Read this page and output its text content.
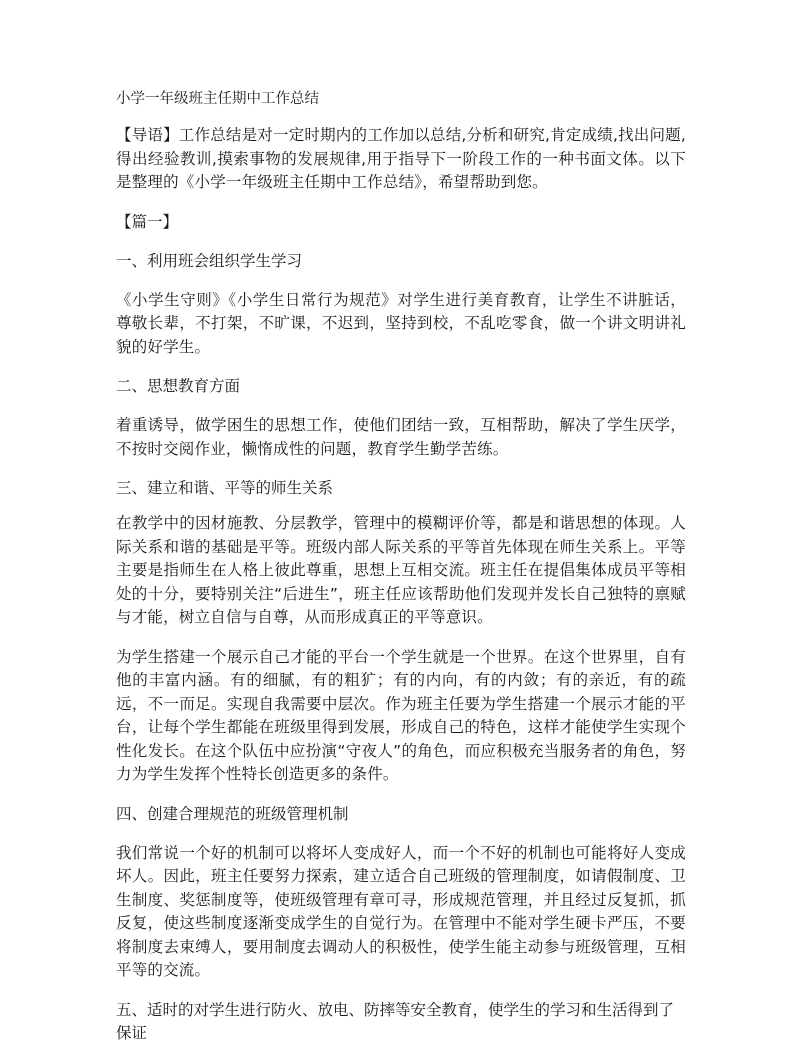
小学一年级班主任期中工作总结

【导语】工作总结是对一定时期内的工作加以总结,分析和研究,肯定成绩,找出问题,得出经验教训,摸索事物的发展规律,用于指导下一阶段工作的一种书面文体。以下是整理的《小学一年级班主任期中工作总结》，希望帮助到您。

【篇一】
一、利用班会组织学生学习

《小学生守则》《小学生日常行为规范》对学生进行美育教育，让学生不讲脏话，尊敬长辈，不打架，不旷课，不迟到，坚持到校，不乱吃零食，做一个讲文明讲礼貌的好学生。

二、思想教育方面

着重诱导，做学困生的思想工作，使他们团结一致，互相帮助，解决了学生厌学，不按时交阅作业，懒惰成性的问题，教育学生勤学苦练。

三、建立和谐、平等的师生关系

在教学中的因材施教、分层教学，管理中的模糊评价等，都是和谐思想的体现。人际关系和谐的基础是平等。班级内部人际关系的平等首先体现在师生关系上。平等主要是指师生在人格上彼此尊重，思想上互相交流。班主任在提倡集体成员平等相处的十分，要特别关注“后进生”，班主任应该帮助他们发现并发长自己独特的禀赋与才能，树立自信与自尊，从而形成真正的平等意识。

为学生搭建一个展示自己才能的平台一个学生就是一个世界。在这个世界里，自有他的丰富内涵。有的细腻，有的粗犷；有的内向，有的内敛；有的亲近，有的疏远，不一而足。实现自我需要中层次。作为班主任要为学生搭建一个展示才能的平台，让每个学生都能在班级里得到发展，形成自己的特色，这样才能使学生实现个性化发长。在这个队伍中应扮演“守夜人”的角色，而应积极充当服务者的角色，努力为学生发挥个性特长创造更多的条件。

四、创建合理规范的班级管理机制

我们常说一个好的机制可以将坏人变成好人，而一个不好的机制也可能将好人变成坏人。因此，班主任要努力探索，建立适合自己班级的管理制度，如请假制度、卫生制度、奖惩制度等，使班级管理有章可寻，形成规范管理，并且经过反复抓，抓反复，使这些制度逐渐变成学生的自觉行为。在管理中不能对学生硬卡严压，不要将制度去束缚人，要用制度去调动人的积极性，使学生能主动参与班级管理，互相平等的交流。

五、适时的对学生进行防火、放电、防摔等安全教育，使学生的学习和生活得到了保证
